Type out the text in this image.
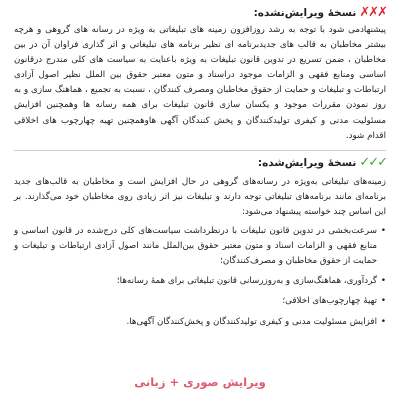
✗✗✗
نسخهٔ ویرایش‌نشده:

پیشنهادمی شود با توجه به رشد روزافزون زمینه های تبلیغاتی به ویژه در رسانه های گروهی و هرچه بیشتر مخاطبان به قالب های جدیدبرنامه ای نظیر برنامه های تبلیغاتی و اثر گذاری فراوان آن در بین مخاطبان ، ضمن تسریع در تدوین قانون تبلیغات به ویژه باعنایت به سیاست های کلی مندرج درقانون اساسی ومنابع فقهی و الزامات موجود دراسناد و متون معتبر حقوق بین الملل نظیر اصول آزادی ارتباطات و تبلیغات و حمایت از حقوق مخاطبان ومصرف کنندگان ، نسبت به تجمیع ، هماهنگ سازی و به روز نمودن مقررات موجود و یکسان سازی قانون تبلیغات برای همه رسانه ها وهمچنین افزایش مسئولیت مدنی و کیفری تولیدکنندگان و پخش کنندگان آگهی هاوهمچنین تهیه چهارچوب های اخلاقی اقدام شود.

✓✓✓
نسخهٔ ویرایش‌شده:

زمینه‌های تبلیغاتی به‌ویژه در رسانه‌های گروهی در حال افزایش است و مخاطبان به قالب‌های جدید برنامه‌ای مانند برنامه‌های تبلیغاتی توجه دارند و تبلیغات نیز اثر زیادی روی مخاطبان خود می‌گذارند. بر این اساس چند خواسته پیشنهاد می‌شود:

•
سرعت‌بخشی در تدوین قانون تبلیغات با درنظرداشت سیاست‌های کلی درج‌شده در قانون اساسی و منابع فقهی و الزامات اسناد و متون معتبر حقوق بین‌الملل مانند اصول آزادی ارتباطات و تبلیغات و حمایت از حقوق مخاطبان و مصرف‌کنندگان؛
•
گردآوری، هماهنگ‌سازی و به‌روزرسانی قانون تبلیغاتی برای همهٔ رسانه‌ها؛
•
تهیهٔ چهارچوب‌های اخلاقی؛
•
افزایش مسئولیت مدنی و کیفری تولیدکنندگان و پخش‌کنندگان آگهی‌ها.
ویرایش صوری + زبانی
